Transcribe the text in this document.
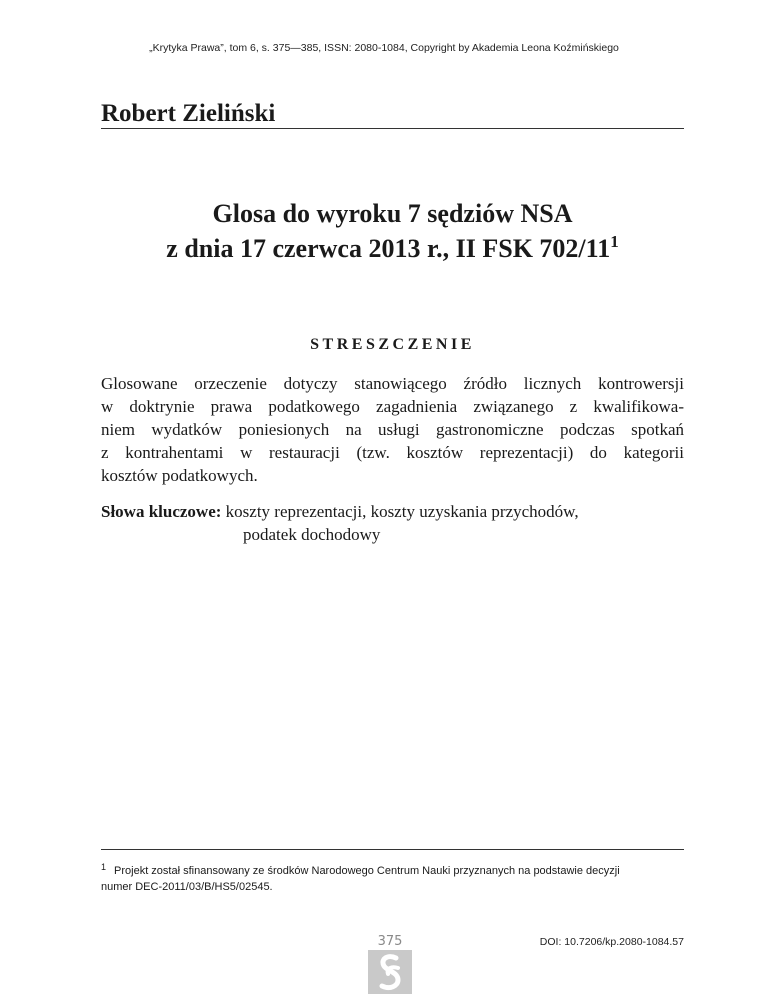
„Krytyka Prawa”, tom 6, s. 375—385, ISSN: 2080-1084, Copyright by Akademia Leona Koźmińskiego
Robert Zieliński
Glosa do wyroku 7 sędziów NSA
z dnia 17 czerwca 2013 r., II FSK $702/11^1$
STRESZCZENIE
Glosowane orzeczenie dotyczy stanowiącego źródło licznych kontrowersji
w doktrynie prawa podatkowego zagadnienia związanego z kwalifikowa-
niem wydatków poniesionych na usługi gastronomiczne podczas spotkań
z kontrahentami w restauracji (tzw. kosztów reprezentacji) do kategorii
kosztów podatkowych.
Słowa kluczowe: koszty reprezentacji, koszty uzyskania przychodów,
podatek dochodowy
1 Projekt został sfinansowany ze środków Narodowego Centrum Nauki przyznanych na podstawie decyzji
numer DEC-2011/03/B/HS5/02545.
375	DOI: 10.7206/kp.2080-1084.57
